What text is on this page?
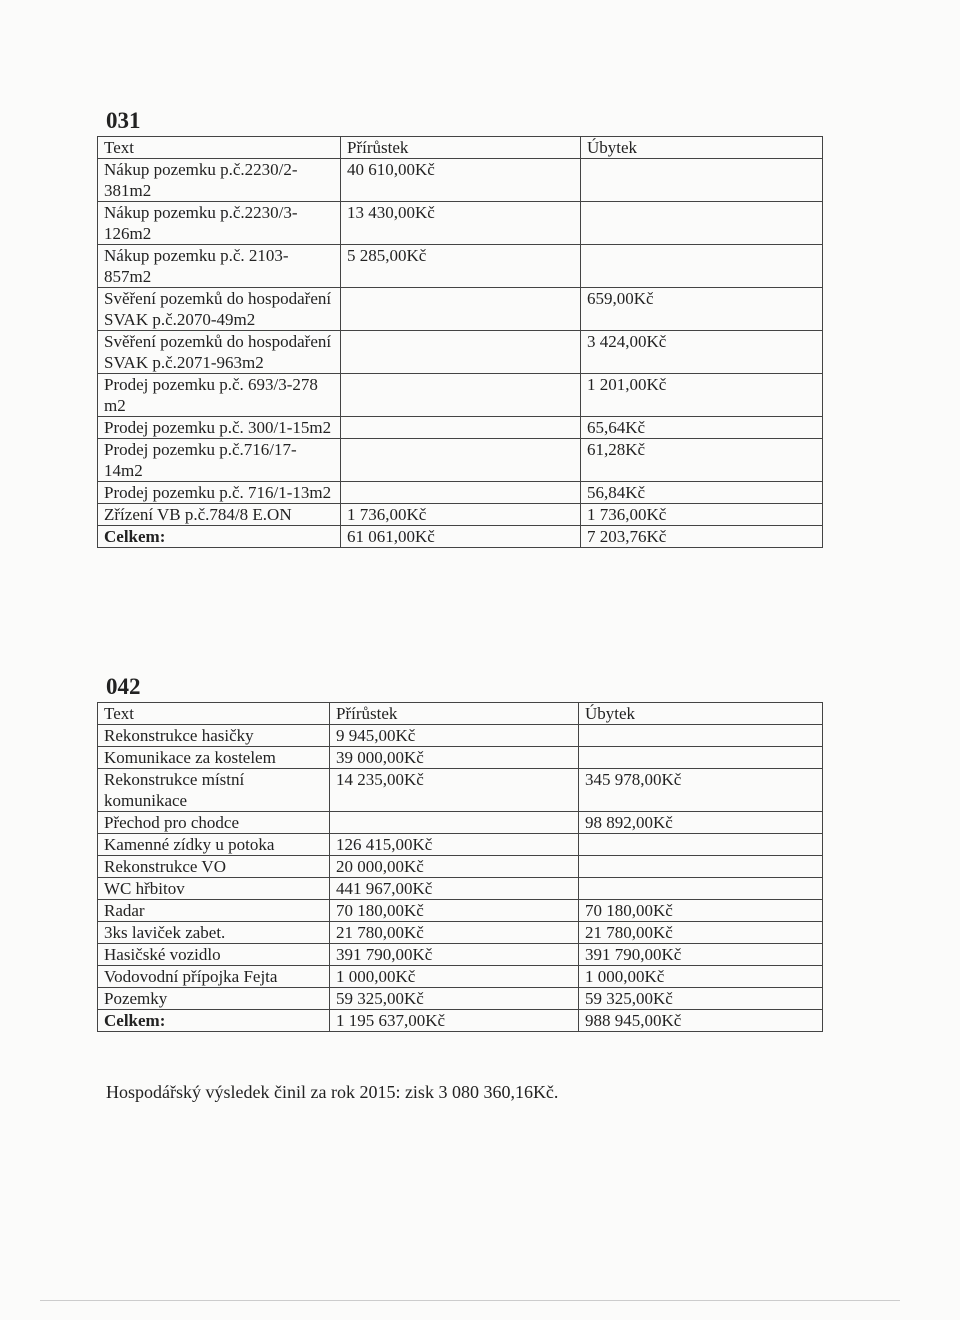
031
Text	Přírůstek	Úbytek
Nákup pozemku p.č.2230/2-381m2	40 610,00Kč	
Nákup pozemku p.č.2230/3-126m2	13 430,00Kč	
Nákup pozemku p.č. 2103-857m2	5 285,00Kč	
Svěření pozemků do hospodaření SVAK p.č.2070-49m2		659,00Kč
Svěření pozemků do hospodaření SVAK p.č.2071-963m2		3 424,00Kč
Prodej pozemku p.č. 693/3-278 m2		1 201,00Kč
Prodej pozemku p.č. 300/1-15m2		65,64Kč
Prodej pozemku p.č.716/17-14m2		61,28Kč
Prodej pozemku p.č. 716/1-13m2		56,84Kč
Zřízení VB p.č.784/8 E.ON	1 736,00Kč	1 736,00Kč
Celkem:	61 061,00Kč	7 203,76Kč
042
Text	Přírůstek	Úbytek
Rekonstrukce hasičky	9 945,00Kč	
Komunikace za kostelem	39 000,00Kč	
Rekonstrukce místní komunikace	14 235,00Kč	345 978,00Kč
Přechod pro chodce		98 892,00Kč
Kamenné zídky u potoka	126 415,00Kč	
Rekonstrukce VO	20 000,00Kč	
WC hřbitov	441 967,00Kč	
Radar	70 180,00Kč	70 180,00Kč
3ks laviček zabet.	21 780,00Kč	21 780,00Kč
Hasičské vozidlo	391 790,00Kč	391 790,00Kč
Vodovodní přípojka Fejta	1 000,00Kč	1 000,00Kč
Pozemky	59 325,00Kč	59 325,00Kč
Celkem:	1 195 637,00Kč	988 945,00Kč

Hospodářský výsledek činil za rok 2015: zisk 3 080 360,16Kč.
